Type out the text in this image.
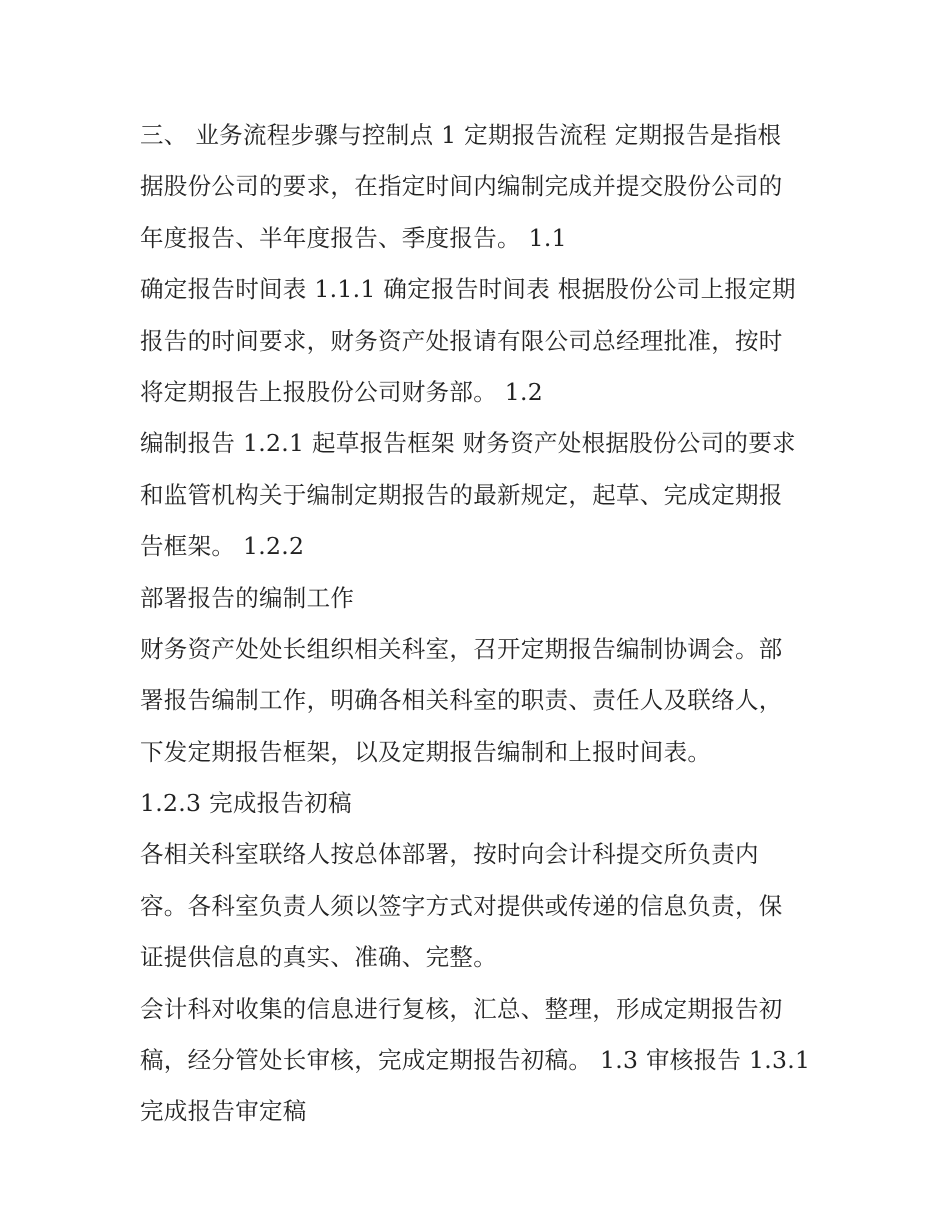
三、 业务流程步骤与控制点 1 定期报告流程 定期报告是指根
据股份公司的要求，在指定时间内编制完成并提交股份公司的
年度报告、半年度报告、季度报告。 1.1
确定报告时间表 1.1.1 确定报告时间表 根据股份公司上报定期
报告的时间要求，财务资产处报请有限公司总经理批准，按时
将定期报告上报股份公司财务部。 1.2
编制报告 1.2.1 起草报告框架 财务资产处根据股份公司的要求
和监管机构关于编制定期报告的最新规定，起草、完成定期报
告框架。 1.2.2
部署报告的编制工作
财务资产处处长组织相关科室，召开定期报告编制协调会。部
署报告编制工作，明确各相关科室的职责、责任人及联络人，
下发定期报告框架，以及定期报告编制和上报时间表。
1.2.3 完成报告初稿
各相关科室联络人按总体部署，按时向会计科提交所负责内
容。各科室负责人须以签字方式对提供或传递的信息负责，保
证提供信息的真实、准确、完整。
会计科对收集的信息进行复核，汇总、整理，形成定期报告初
稿，经分管处长审核，完成定期报告初稿。 1.3 审核报告 1.3.1
完成报告审定稿
